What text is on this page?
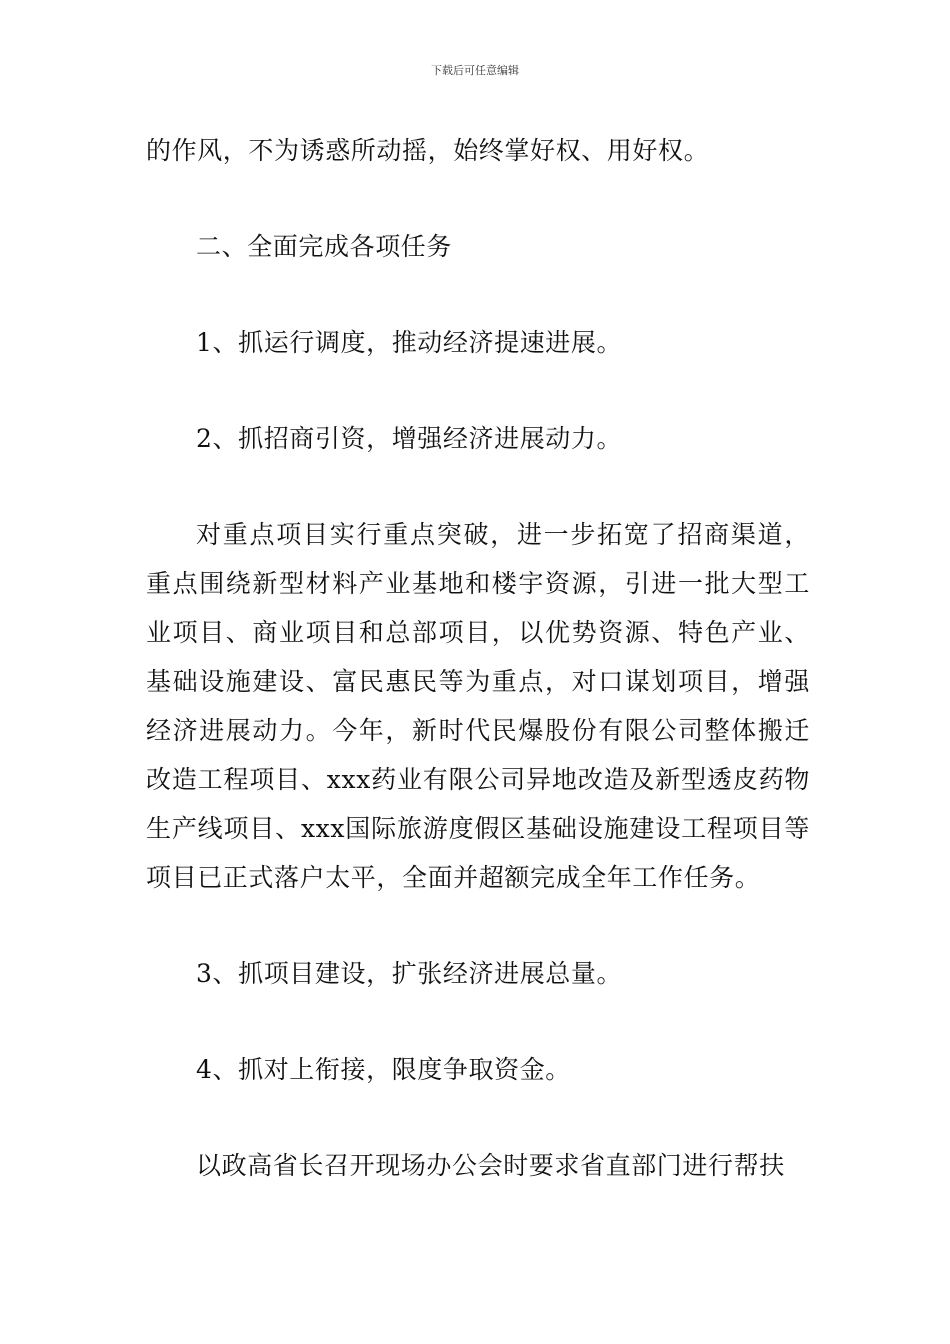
下载后可任意编辑

的作风，不为诱惑所动摇，始终掌好权、用好权。

二、全面完成各项任务

1、抓运行调度，推动经济提速进展。

2、抓招商引资，增强经济进展动力。

对重点项目实行重点突破，进一步拓宽了招商渠道，重点围绕新型材料产业基地和楼宇资源，引进一批大型工业项目、商业项目和总部项目，以优势资源、特色产业、基础设施建设、富民惠民等为重点，对口谋划项目，增强经济进展动力。今年，新时代民爆股份有限公司整体搬迁改造工程项目、xxx药业有限公司异地改造及新型透皮药物生产线项目、xxx国际旅游度假区基础设施建设工程项目等项目已正式落户太平，全面并超额完成全年工作任务。

3、抓项目建设，扩张经济进展总量。

4、抓对上衔接，限度争取资金。

以政高省长召开现场办公会时要求省直部门进行帮扶
